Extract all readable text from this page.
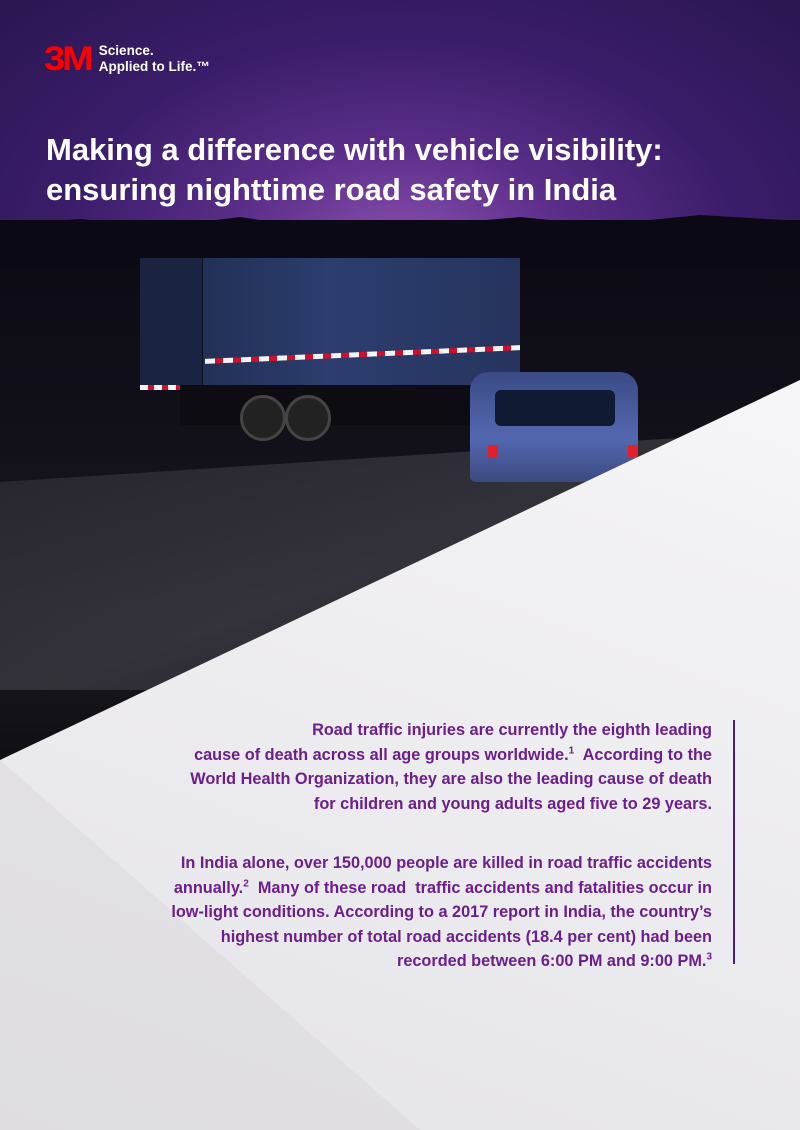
3M Science.
Applied to Life.™
Making a difference with vehicle visibility:
ensuring nighttime road safety in India

Road traffic injuries are currently the eighth leading
cause of death across all age groups worldwide.$^1$  According to the
World Health Organization, they are also the leading cause of death
for children and young adults aged five to 29 years.

In India alone, over 150,000 people are killed in road traffic accidents
annually.$^2$  Many of these road  traffic accidents and fatalities occur in
low-light conditions. According to a 2017 report in India, the country’s
highest number of total road accidents (18.4 per cent) had been
recorded between 6:00 PM and 9:00 PM.$^3$
